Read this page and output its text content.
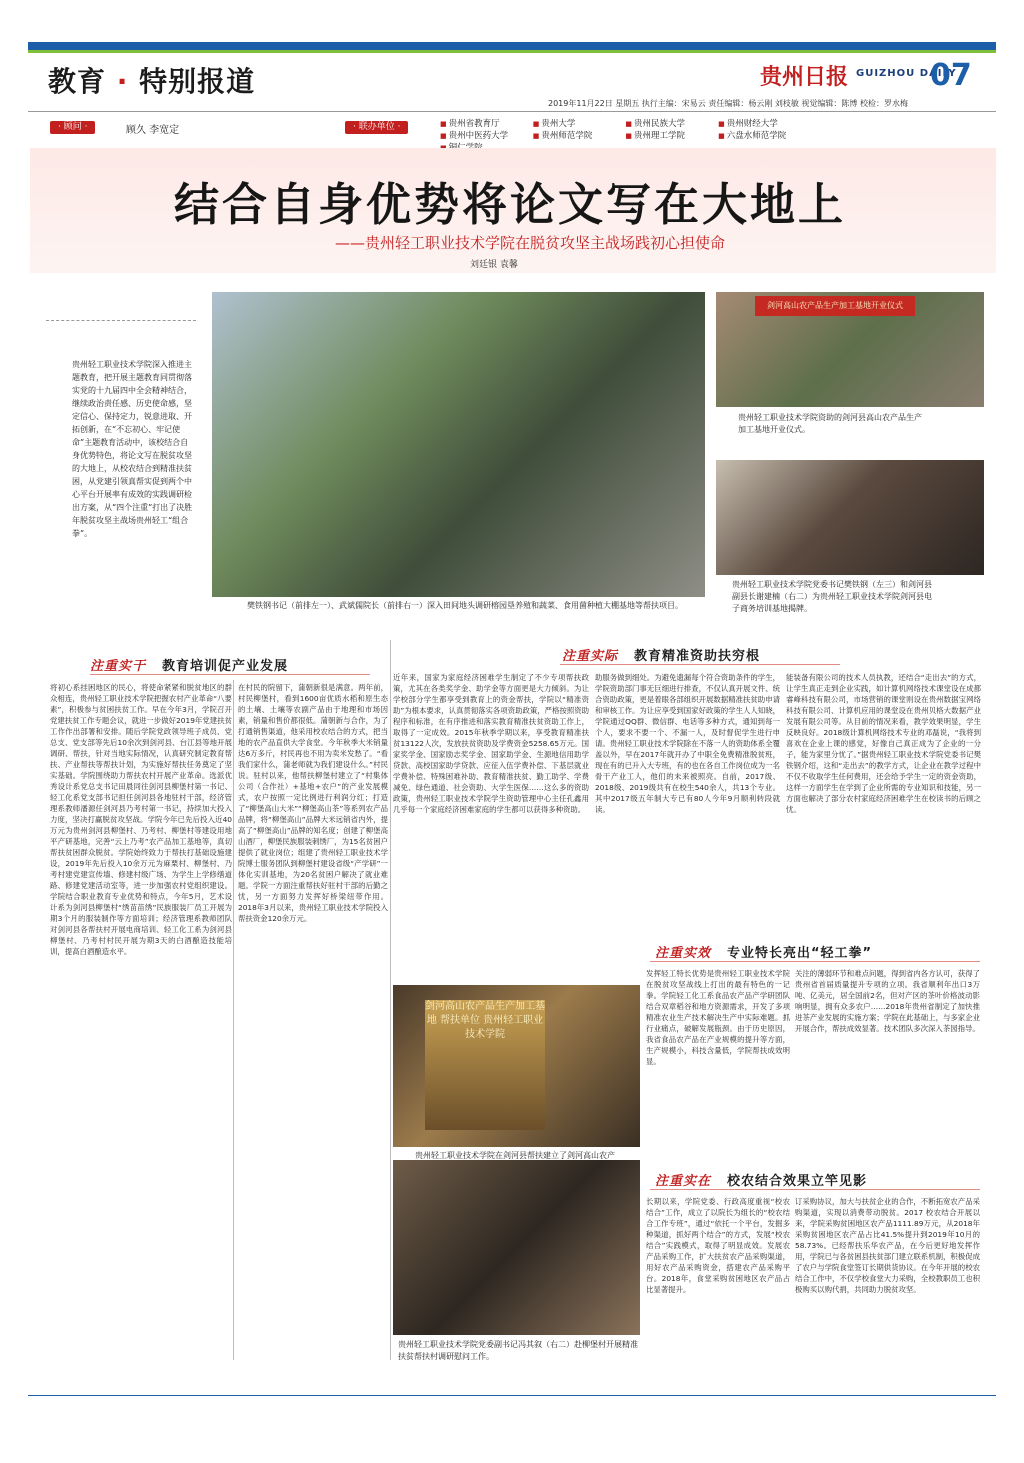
教育 · 特别报道	贵州日报 GUIZHOU DAILY
07
2019年11月22日 星期五 执行主编：宋易云 责任编辑：杨云刚 刘枝敏 视觉编辑：陈博 校检：罗水梅
· 顾问 ·	顾久 李宽定	· 联办单位 ·	■ 贵州省教育厅	■ 贵州大学	■ 贵州民族大学	■ 贵州财经大学 ■ 贵州中医药大学	■ 贵州师范学院	■ 贵州理工学院	■ 六盘水师范学院 ■
结合自身优势将论文写在大地上
——贵州轻工职业技术学院在脱贫攻坚主战场践初心担使命
刘廷银 袁馨
贵州轻工职业技术学院深入推进主题教育，把开展主题教育同贯彻落实党的十九届四中全会精神结合，继续政治责任感、历史使命感，坚定信心、保持定力，锐意进取、开拓创新，在“不忘初心、牢记使命”主题教育活动中，该校结合自身优势特色，将论文写在脱贫攻坚的大地上，从校农结合到精准扶贫困，从党建引领真帮实促到两个中心平台开展率有成效的实践调研检出方案，从“四个注重”打出了决胜年脱贫攻坚主战场贵州轻工“组合拳”。
樊铁钢书记（前排左一）、武斌儒院长（前排右一）深入田间地头调研榕园垦养殖和蔬菜、食用菌种植大棚基地等帮扶项目。
剑河高山农产品生产加工基地开业仪式
贵州轻工职业技术学院资助的剑河县高山农产品生产加工基地开业仪式。
贵州轻工职业技术学院党委书记樊铁钢（左三）和剑河县副县长谢建楠（右二）为贵州轻工职业技术学院剑河县电子商务培训基地揭牌。
注重实干 教育培训促产业发展
将初心系挂困地区的民心，将使命紧紧和脱贫地区的群众相连，贵州轻工职业技术学院把握农村产业革命“八要素”，积极参与贫困扶贫工作。早在今年3月，学院召开党建扶贫工作专题会议，就进一步做好2019年党建扶贫工作作出部署和安排。随后学院党政领导班子成员、党总支、党支部等先后10余次到剑河县、台江县等地开展调研、帮扶，针对当地实际情况，认真研究制定教育帮扶、产业帮扶等帮扶计划，为实施好帮扶任务奠定了坚实基础。学院围绕助力帮扶农村开展产业革命。选派优秀设计系党总支书记田晨同往剑河县柳堡村第一书记、轻工化系党支部书记担任剑河县各地驻村干部，经济管理系教师潘源任剑河县乃考村第一书记，持续加大投入力度，坚决打赢脱贫攻坚战。学院今年已先后投入近40万元为贵州剑河县柳堡村、乃考村、柳堡村等建设用地平产研基地，完善“云上乃考”农产品加工基地等，真切帮扶贫困群众脱贫。学院始终致力于帮扶打基础设施建设，2019年先后投入10余万元为麻栗村、柳堡村、乃考村建党建宣传墙、修建村级广场、为学生上学修缮道路、修建党建活动室等，进一步加强农村党组织建设。学院结合职业教育专业优势和特点，今年5月，艺术设计系为剑河县柳堡村“绣苗苗绣”民族服装厂员工开展为期3个月的服装制作等方面培训；经济管理系教师团队对剑河县各帮扶村开展电商培训、轻工化工系为剑河县柳堡村、乃考村村民开展为期3天的白酒酿造技能培训，提高白酒酿造水平。
在村民的院留下，蒲朝新很是满意。两年前，村民柳堡村，看到1600亩优质水稻和原生态的土壤、土壤等农副产品由于地理和市场因素，销量和售价都很低。蒲朝新与合作，为了打通销售渠道，他采用校农结合的方式，把当地的农产品直供大学食堂。今年秋季大米销量达6万多斤，村民再也不用为卖米发愁了。“看我们家什么，蒲老师就为我们建设什么。”村民说。驻村以来，他帮扶柳堡村建立了“村集体公司（合作社）+基地+农户”的产业发展模式，农户按照一定比例进行利润分红；打造了“柳堡高山大米”“柳堡高山茶”等系列农产品品牌，将“柳堡高山”品牌大米远销省内外，提高了“柳堡高山”品牌的知名度；创建了柳堡高山酒厂，柳堡民族服装刺绣厂，为15名贫困户提供了就业岗位；组建了贵州轻工职业技术学院博士服务团队到柳堡村建设省级“产学研”一体化实训基地，为20名贫困户解决了就业难题。学院一方面注重帮扶好驻村干部的后勤之忧，另一方面努力发挥好桥梁纽带作用。2018年3月以来，贵州轻工职业技术学院投入帮扶资金120余万元。
注重实际 教育精准资助扶穷根
近年来，国家为家庭经济困难学生制定了不少专项帮扶政策，尤其在各类奖学金、助学金等方面更是大力倾斜。为让学校部分学生都享受到教育上的资金帮扶，学院以“精准资助”为根本要求，认真贯彻落实各项资助政策，严格按照资助程序和标准，在有序推进和落实教育精准扶贫资助工作上，取得了一定成效。2015年秋季学期以来，享受教育精准扶贫13122人次，发放扶贫资助及学费资金5258.65万元。国家奖学金、国家励志奖学金、国家助学金、生源地信用助学贷款、高校国家助学贷款、应征入伍学费补偿、下基层就业学费补偿、特殊困难补助、教育精准扶贫、勤工助学、学费减免、绿色通道、社会资助、大学生医保……这么多的资助政策，贵州轻工职业技术学院学生资助管理中心主任孔鑫用几乎每一个家庭经济困难家庭的学生都可以获得多种资助。
助服务做到细处。为避免遗漏每个符合资助条件的学生，学院资助部门事无巨细进行排查，不仅认真开展文件、统合资助政策，更是着眼各部组织开展数据精准扶贫助申请和审核工作。为让应享受到国家好政策的学生人人知晓，学院通过QQ群、微信群、电话等多种方式，通知到每一个人，要求不要一个、不漏一人，及时督促学生进行申请。贵州轻工职业技术学院除在不落一人的资助体系全覆盖以外，早在2017年就开办了中职全免费精准脱贫班，现在有的已升入大专班，有的也在各自工作岗位成为一名骨干产业工人，他们的未来被照亮。自前，2017级、2018级、2019级共有在校生540余人，共13个专业。其中2017级五年制大专已有80人今年9月顺利转段就读。
能装备有限公司的技术人员执教，还结合“走出去”的方式，让学生真正走到企业实践，如计算机网络技术课堂设在成都睿峰科技有限公司，市场营销的课堂则设在贵州数据宝网络科技有限公司、计算机应用的课堂设在贵州贝格大数据产业发展有限公司等。从目前的情况来看，教学效果明显，学生反映良好。2018级计算机网络技术专业的邓磊说，“我将到喜欢在企业上课的感觉，好像自己真正成为了企业的一分子，能为家里分忧了。”据贵州轻工职业技术学院党委书记樊铁钢介绍，这和“走出去”的教学方式，让企业在教学过程中不仅不收取学生任何费用，还会给予学生一定的资金资助，这样一方面学生在学到了企业所需的专业知识和技能，另一方面也解决了部分农村家庭经济困难学生在校读书的后顾之忧。
剑河高山农产品生产加工基地 帮扶单位 贵州轻工职业技术学院
贵州轻工职业技术学院在剑河县帮扶建立了剑河高山农产
注重实效 专业特长亮出“轻工拳”
发挥轻工特长优势是贵州轻工职业技术学院在脱贫攻坚战线上打出的最有特色的一记拳。学院轻工化工系食品农产品产学研团队结合双章稻谷和地方资源需求，开发了多项精准农业生产技术解决生产中实际难题。抓行业痛点，破解发展瓶颈。由于历史原因，我省食品农产品在产业规模的提升等方面，生产规模小，科技含量低，学院帮扶成效明显。
关注的薄弱环节和难点问题，得到省内各方认可，获得了贵州省首届质量提升专项的立项。我省顺利年出口3万吨、亿美元，居全国前2名，但对产区的茶叶价格波动影响明显，拥有众多农户……2018年贵州省制定了加快推进茶产业发展的实施方案；学院在此基础上，与多家企业开展合作，帮扶成效显著。技术团队多次深入茶园指导。
贵州轻工职业技术学院党委副书记冯其叙（右二）赴柳堡村开展精准扶贫帮扶村调研慰问工作。
注重实在 校农结合效果立竿见影
长期以来，学院党委、行政高度重视“校农结合”工作，成立了以院长为组长的“校农结合工作专班”，通过“依托一个平台，发掘多种渠道，抓好两个结合”的方式，发展“校农结合”实践模式，取得了明显成效。发展农产品采购工作，扩大扶贫农产品采购渠道，用好农产品采购资金，搭建农产品采购平台。2018年，食堂采购贫困地区农产品占比显著提升。
订采购协议，加大与扶贫企业的合作，不断拓宽农产品采购渠道，实现以消费带动脱贫。2017 校农结合开展以来，学院采购贫困地区农产品1111.89万元，从2018年采购贫困地区农产品占比41.5%提升到2019年10月的58.73%。已经帮扶乐华农产品，在今后更好地发挥作用，学院已与各贫困县扶贫部门建立联系机制，积极促成了农户与学院食堂签订长期供货协议。在今年开展的校农结合工作中，不仅学校食堂大力采购，全校教职员工也积极购买以购代捐，共同助力脱贫攻坚。
